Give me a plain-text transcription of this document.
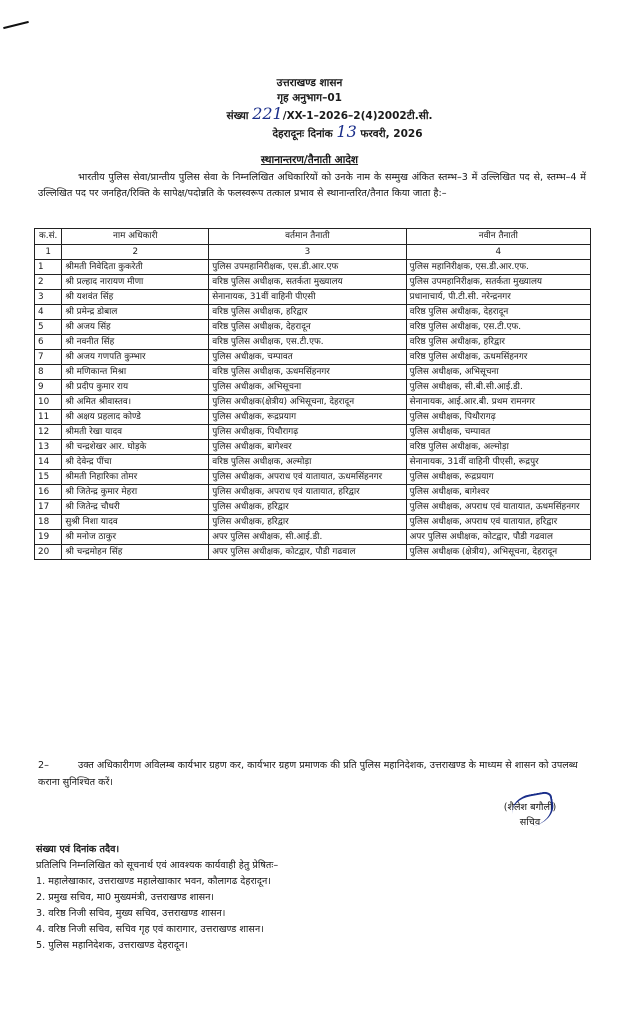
उत्तराखण्ड शासन
गृह अनुभाग–01
संख्या 221/XX-1–2026–2(4)2002टी.सी.
देहरादूनः दिनांक 13 फरवरी, 2026
स्थानान्तरण/तैनाती आदेश
भारतीय पुलिस सेवा/प्रान्तीय पुलिस सेवा के निम्नलिखित अधिकारियों को उनके नाम के सम्मुख अंकित स्तम्भ–3 में उल्लिखित पद से, स्तम्भ–4 में उल्लिखित पद पर जनहित/रिक्ति के सापेक्ष/पदोन्नति के फलस्वरूप तत्काल प्रभाव से स्थानान्तरित/तैनात किया जाता है:–
क.सं.	नाम अधिकारी	वर्तमान तैनाती	नवीन तैनाती
1	2	3	4
1	श्रीमती निवेदिता कुकरेती	पुलिस उपमहानिरीक्षक, एस.डी.आर.एफ	पुलिस महानिरीक्षक, एस.डी.आर.एफ.
2	श्री प्रल्हाद नारायण मीणा	वरिष्ठ पुलिस अधीक्षक, सतर्कता मुख्यालय	पुलिस उपमहानिरीक्षक, सतर्कता मुख्यालय
3	श्री यशवंत सिंह	सेनानायक, 31वीं वाहिनी पीएसी	प्रधानाचार्य, पी.टी.सी. नरेन्द्रनगर
4	श्री प्रमेन्द्र डोबाल	वरिष्ठ पुलिस अधीक्षक, हरिद्वार	वरिष्ठ पुलिस अधीक्षक, देहरादून
5	श्री अजय सिंह	वरिष्ठ पुलिस अधीक्षक, देहरादून	वरिष्ठ पुलिस अधीक्षक, एस.टी.एफ.
6	श्री नवनीत सिंह	वरिष्ठ पुलिस अधीक्षक, एस.टी.एफ.	वरिष्ठ पुलिस अधीक्षक, हरिद्वार
7	श्री अजय गणपति कुम्भार	पुलिस अधीक्षक, चम्पावत	वरिष्ठ पुलिस अधीक्षक, ऊधमसिंहनगर
8	श्री मणिकान्त मिश्रा	वरिष्ठ पुलिस अधीक्षक, ऊधमसिंहनगर	पुलिस अधीक्षक, अभिसूचना
9	श्री प्रदीप कुमार राय	पुलिस अधीक्षक, अभिसूचना	पुलिस अधीक्षक, सी.बी.सी.आई.डी.
10	श्री अमित श्रीवास्तव।	पुलिस अधीक्षक(क्षेत्रीय) अभिसूचना, देहरादून	सेनानायक, आई.आर.बी. प्रथम रामनगर
11	श्री अक्षय प्रहलाद कोण्डे	पुलिस अधीक्षक, रूद्रप्रयाग	पुलिस अधीक्षक, पिथौरागढ़
12	श्रीमती रेखा यादव	पुलिस अधीक्षक, पिथौरागढ़	पुलिस अधीक्षक, चम्पावत
13	श्री चन्द्रशेखर आर. घोड़के	पुलिस अधीक्षक, बागेश्वर	वरिष्ठ पुलिस अधीक्षक, अल्मोड़ा
14	श्री देवेन्द्र पींचा	वरिष्ठ पुलिस अधीक्षक, अल्मोड़ा	सेनानायक, 31वीं वाहिनी पीएसी, रूद्रपुर
15	श्रीमती निहारिका तोमर	पुलिस अधीक्षक, अपराध एवं यातायात, ऊधमसिंहनगर	पुलिस अधीक्षक, रूद्रप्रयाग
16	श्री जितेन्द्र कुमार मेहरा	पुलिस अधीक्षक, अपराध एवं यातायात, हरिद्वार	पुलिस अधीक्षक, बागेश्वर
17	श्री जितेन्द्र चौधरी	पुलिस अधीक्षक, हरिद्वार	पुलिस अधीक्षक, अपराध एवं यातायात, ऊधमसिंहनगर
18	सुश्री निशा यादव	पुलिस अधीक्षक, हरिद्वार	पुलिस अधीक्षक, अपराध एवं यातायात, हरिद्वार
19	श्री मनोज ठाकुर	अपर पुलिस अधीक्षक, सी.आई.डी.	अपर पुलिस अधीक्षक, कोटद्वार, पौडी गढवाल
20	श्री चन्द्रमोहन सिंह	अपर पुलिस अधीक्षक, कोटद्वार, पौडी गढवाल	पुलिस अधीक्षक (क्षेत्रीय), अभिसूचना, देहरादून
2–	उक्त अधिकारीगण अविलम्ब कार्यभार ग्रहण कर, कार्यभार ग्रहण प्रमाणक की प्रति पुलिस महानिदेशक, उत्तराखण्ड के माध्यम से शासन को उपलब्ध कराना सुनिश्चित करें।
(शैलेश बगौली)
सचिव
संख्या एवं दिनांक तदैव।
प्रतिलिपि निम्नलिखित को सूचनार्थ एवं आवश्यक कार्यवाही हेतु प्रेषितः–
1. महालेखाकार, उत्तराखण्ड महालेखाकार भवन, कौलागढ देहरादून।
2. प्रमुख सचिव, मा0 मुख्यमंत्री, उत्तराखण्ड शासन।
3. वरिष्ठ निजी सचिव, मुख्य सचिव, उत्तराखण्ड शासन।
4. वरिष्ठ निजी सचिव, सचिव गृह एवं कारागार, उत्तराखण्ड शासन।
5. पुलिस महानिदेशक, उत्तराखण्ड देहरादून।
